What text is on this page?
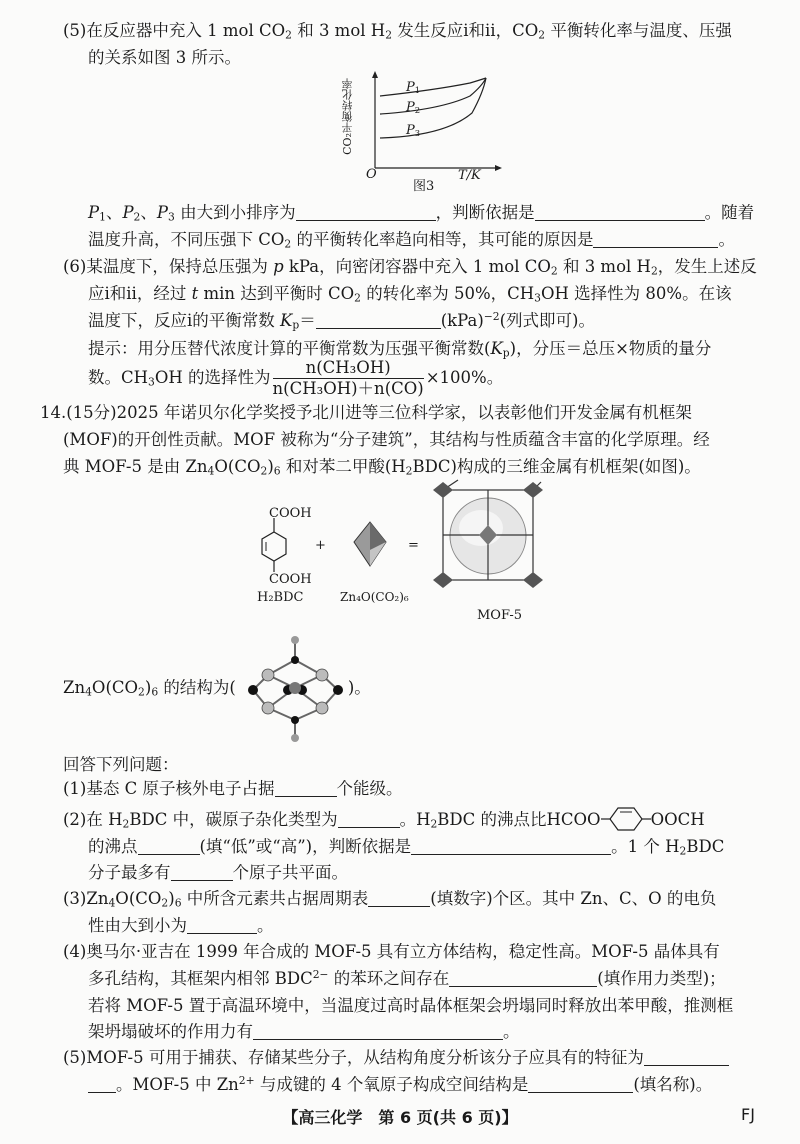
(5)在反应器中充入 1 mol $CO_2$ 和 3 mol $H_2$ 发生反应ⅰ和ⅱ，$CO_2$ 平衡转化率与温度、压强
的关系如图 3 所示。
CO₂平衡转化率	$P_1$
$P_2$
$P_3$
O	T/K
图3
$P_1$、$P_2$、$P_3$ 由大到小排序为	，判断依据是	。随着
温度升高，不同压强下 $CO_2$ 的平衡转化率趋向相等，其可能的原因是	。
(6)某温度下，保持总压强为 p kPa，向密闭容器中充入 1 mol $CO_2$ 和 3 mol $H_2$，发生上述反
应ⅰ和ⅱ，经过 t min 达到平衡时 $CO_2$ 的转化率为 50%，$CH_3OH$ 选择性为 80%。在该
温度下，反应ⅰ的平衡常数 $K_p=$	(kPa)$^{-2}$(列式即可)。
提示：用分压替代浓度计算的平衡常数为压强平衡常数$(K_p)$，分压＝总压×物质的量分
数。$CH_3OH$ 的选择性为 $\frac{\text{n(CH₃OH)}}{\text{n(CH₃OH)＋n(CO)}} \times 100\%$。
14.(15分)2025 年诺贝尔化学奖授予北川进等三位科学家，以表彰他们开发金属有机框架
(MOF)的开创性贡献。MOF 被称为“分子建筑”，其结构与性质蕴含丰富的化学原理。经
典 MOF-5 是由 $Zn_4O(CO_2)_6$ 和对苯二甲酸$(H_2BDC)$构成的三维金属有机框架(如图)。
COOH
COOH
H₂BDC
+
Zn₄O(CO₂)₆
=
MOF-5
$Zn_4O(CO_2)_6$ 的结构为(	)。
回答下列问题：
(1)基态 C 原子核外电子占据	个能级。
(2)在 $H_2BDC$ 中，碳原子杂化类型为	。$H_2BDC$ 的沸点比HCOO	OOCH
的沸点	(填“低”或“高”)，判断依据是	。1 个 $H_2BDC$
分子最多有	个原子共平面。
$(3)Zn_4O(CO_2)_6$ 中所含元素共占据周期表	(填数字)个区。其中 Zn、C、O 的电负
性由大到小为	。
(4)奥马尔·亚吉在 1999 年合成的 MOF-5 具有立方体结构，稳定性高。MOF-5 晶体具有
多孔结构，其框架内相邻 $BDC^{2-}$ 的苯环之间存在	(填作用力类型)；
若将 MOF-5 置于高温环境中，当温度过高时晶体框架会坍塌同时释放出苯甲酸，推测框
架坍塌破坏的作用力有	。
(5)MOF-5 可用于捕获、存储某些分子，从结构角度分析该分子应具有的特征为
。MOF-5 中 $Zn^{2+}$ 与成键的 4 个氧原子构成空间结构是	(填名称)。
【高三化学　第 6 页(共 6 页)】	FJ
